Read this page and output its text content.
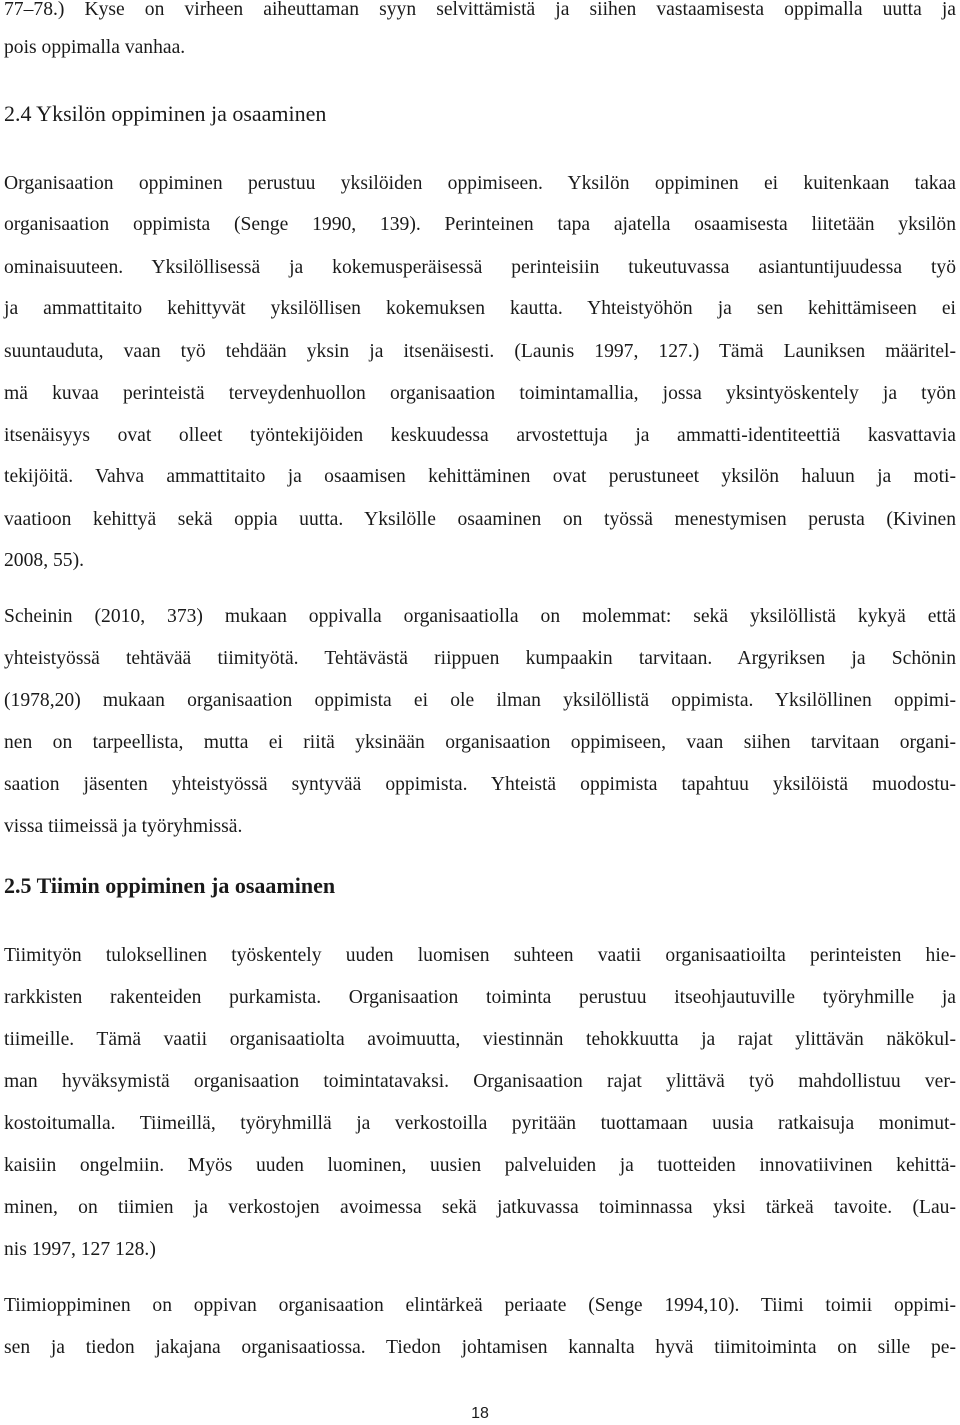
77–78.) Kyse on virheen aiheuttaman syyn selvittämistä ja siihen vastaamisesta oppimalla uutta ja
pois oppimalla vanhaa.
2.4 Yksilön oppiminen ja osaaminen
Organisaation oppiminen perustuu yksilöiden oppimiseen. Yksilön oppiminen ei kuitenkaan takaa
organisaation oppimista (Senge 1990, 139). Perinteinen tapa ajatella osaamisesta liitetään yksilön
ominaisuuteen. Yksilöllisessä ja kokemusperäisessä perinteisiin tukeutuvassa asiantuntijuudessa työ
ja ammattitaito kehittyvät yksilöllisen kokemuksen kautta. Yhteistyöhön ja sen kehittämiseen ei
suuntauduta, vaan työ tehdään yksin ja itsenäisesti. (Launis 1997, 127.) Tämä Launiksen määritel-
mä kuvaa perinteistä terveydenhuollon organisaation toimintamallia, jossa yksintyöskentely ja työn
itsenäisyys ovat olleet työntekijöiden keskuudessa arvostettuja ja ammatti-identiteettiä kasvattavia
tekijöitä. Vahva ammattitaito ja osaamisen kehittäminen ovat perustuneet yksilön haluun ja moti-
vaatioon kehittyä sekä oppia uutta. Yksilölle osaaminen on työssä menestymisen perusta (Kivinen
2008, 55).
Scheinin (2010, 373) mukaan oppivalla organisaatiolla on molemmat: sekä yksilöllistä kykyä että
yhteistyössä tehtävää tiimityötä. Tehtävästä riippuen kumpaakin tarvitaan. Argyriksen ja Schönin
(1978,20) mukaan organisaation oppimista ei ole ilman yksilöllistä oppimista. Yksilöllinen oppimi-
nen on tarpeellista, mutta ei riitä yksinään organisaation oppimiseen, vaan siihen tarvitaan organi-
saation jäsenten yhteistyössä syntyvää oppimista. Yhteistä oppimista tapahtuu yksilöistä muodostu-
vissa tiimeissä ja työryhmissä.
2.5 Tiimin oppiminen ja osaaminen
Tiimityön tuloksellinen työskentely uuden luomisen suhteen vaatii organisaatioilta perinteisten hie-
rarkkisten rakenteiden purkamista. Organisaation toiminta perustuu itseohjautuville työryhmille ja
tiimeille. Tämä vaatii organisaatiolta avoimuutta, viestinnän tehokkuutta ja rajat ylittävän näkökul-
man hyväksymistä organisaation toimintatavaksi. Organisaation rajat ylittävä työ mahdollistuu ver-
kostoitumalla. Tiimeillä, työryhmillä ja verkostoilla pyritään tuottamaan uusia ratkaisuja monimut-
kaisiin ongelmiin. Myös uuden luominen, uusien palveluiden ja tuotteiden innovatiivinen kehittä-
minen, on tiimien ja verkostojen avoimessa sekä jatkuvassa toiminnassa yksi tärkeä tavoite. (Lau-
nis 1997, 127 128.)
Tiimioppiminen on oppivan organisaation elintärkeä periaate (Senge 1994,10). Tiimi toimii oppimi-
sen ja tiedon jakajana organisaatiossa. Tiedon johtamisen kannalta hyvä tiimitoiminta on sille pe-
18
